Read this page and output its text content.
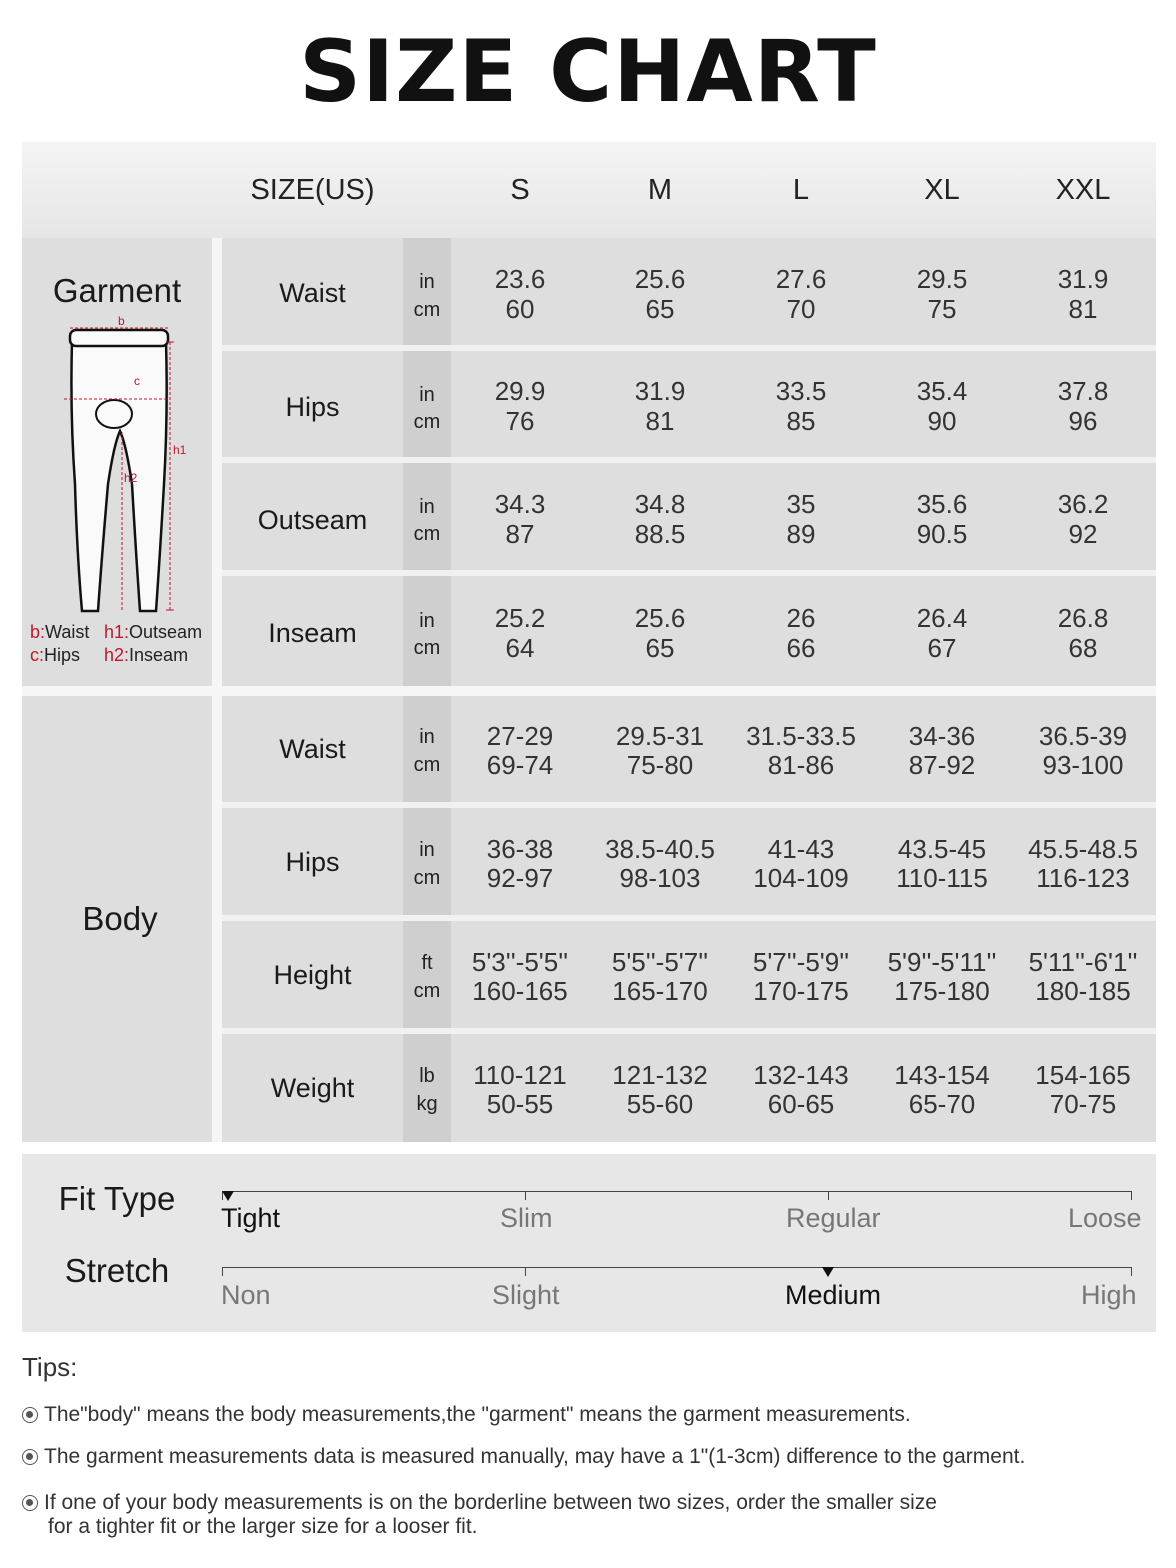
SIZE CHART
SIZE(US)	S	M	L	XL	XXL
Garment
b
c
h1
h2
b:Waist h1:Outseam
c:Hips h2:Inseam
Body
Waist	in
cm
23.6	25.6	27.6	29.5	31.9
60	65	70	75	81
Hips	in
cm
29.9	31.9	33.5	35.4	37.8
76	81	85	90	96
Outseam	in
cm
34.3	34.8	35	35.6	36.2
87	88.5	89	90.5	92
Inseam	in
cm
25.2	25.6	26	26.4	26.8
64	65	66	67	68
Waist	in
cm
27-29	29.5-31	31.5-33.5	34-36	36.5-39
69-74	75-80	81-86	87-92	93-100
Hips	in
cm
36-38	38.5-40.5	41-43	43.5-45	45.5-48.5
92-97	98-103	104-109	110-115	116-123
Height	ft
cm
5'3''-5'5''	5'5''-5'7''	5'7''-5'9''	5'9''-5'11''	5'11''-6'1''
160-165	165-170	170-175	175-180	180-185
Weight	lb
kg
110-121	121-132	132-143	143-154	154-165
50-55	55-60	60-65	65-70	70-75
Fit Type
Tight	Slim	Regular	Loose
Stretch
Non	Slight	Medium	High
Tips:
The"body" means the body measurements,the "garment" means the garment measurements.
The garment measurements data is measured manually, may have a 1"(1-3cm) difference to the garment.
If one of your body measurements is on the borderline between two sizes, order the smaller size
for a tighter fit or the larger size for a looser fit.
